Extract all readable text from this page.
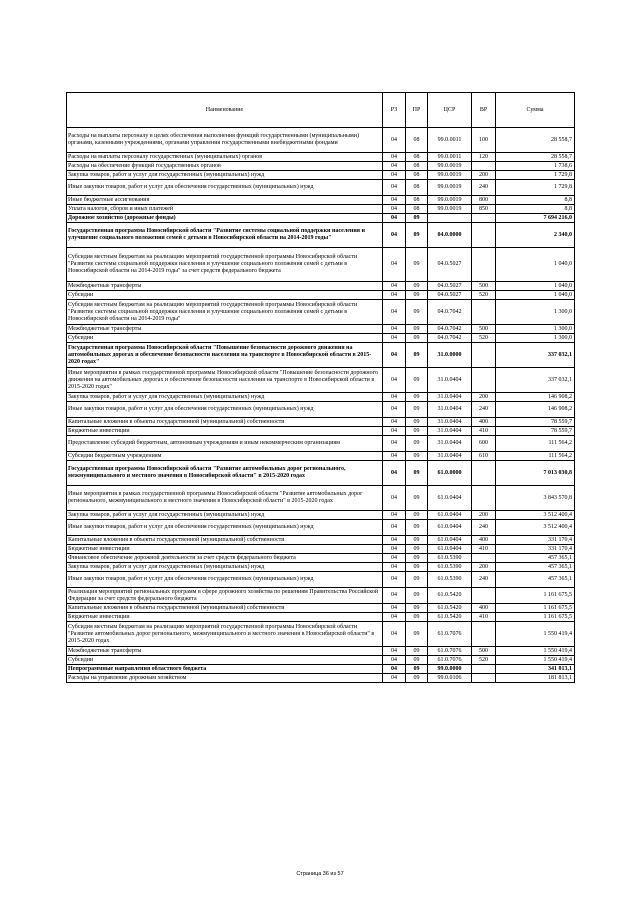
Наименование	РЗ	ПР	ЦСР	ВР	Сумма
Расходы на выплаты персоналу в целях обеспечения выполнения функций государственными (муниципальными) органами, казенными учреждениями, органами управления государственными внебюджетными фондами	04	08	99.0.0011	100	28 558,7
Расходы на выплаты персоналу государственных (муниципальных) органов	04	08	99.0.0011	120	28 558,7
Расходы на обеспечение функций государственных органов	04	08	99.0.0019		1 738,6
Закупка товаров, работ и услуг для государственных (муниципальных) нужд	04	08	99.0.0019	200	1 729,8
Иные закупки товаров, работ и услуг для обеспечения государственных (муниципальных) нужд	04	08	99.0.0019	240	1 729,8
Иные бюджетные ассигнования	04	08	99.0.0019	800	8,8
Уплата налогов, сборов и иных платежей	04	08	99.0.0019	850	8,8
Дорожное хозяйство (дорожные фонды)	04	09			7 694 216,0
Государственная программа Новосибирской области "Развитие системы социальной поддержки населения и улучшение социального положения семей с детьми в Новосибирской области на 2014-2019 годы"	04	09	04.0.0000		2 340,0
Субсидия местным бюджетам на реализацию мероприятий государственной программы Новосибирской области "Развитие системы социальной поддержки населения и улучшение социального положения семей с детьми в Новосибирской области на 2014-2019 годы" за счет средств федерального бюджета	04	09	04.0.5027		1 040,0
Межбюджетные трансферты	04	09	04.0.5027	500	1 040,0
Субсидии	04	09	04.0.5027	520	1 040,0
Субсидия местным бюджетам на реализацию мероприятий государственной программы Новосибирской области "Развитие системы социальной поддержки населения и улучшение социального положения семей с детьми в Новосибирской области на 2014-2019 годы"	04	09	04.0.7042		1 300,0
Межбюджетные трансферты	04	09	04.0.7042	500	1 300,0
Субсидии	04	09	04.0.7042	520	1 300,0
Государственная программа Новосибирской области "Повышение безопасности дорожного движения на автомобильных дорогах и обеспечение безопасности населения на транспорте в Новосибирской области в 2015-2020 годах"	04	09	31.0.0000		337 032,1
Иные мероприятия в рамках государственной программы Новосибирской области "Повышение безопасности дорожного движения на автомобильных дорогах и обеспечение безопасности населения на транспорте в Новосибирской области в 2015-2020 годах"	04	09	31.0.0404		337 032,1
Закупка товаров, работ и услуг для государственных (муниципальных) нужд	04	09	31.0.0404	200	146 908,2
Иные закупки товаров, работ и услуг для обеспечения государственных (муниципальных) нужд	04	09	31.0.0404	240	146 908,2
Капитальные вложения в объекты государственной (муниципальной) собственности	04	09	31.0.0404	400	78 559,7
Бюджетные инвестиции	04	09	31.0.0404	410	78 559,7
Предоставление субсидий бюджетным, автономным учреждениям и иным некоммерческим организациям	04	09	31.0.0404	600	111 564,2
Субсидии бюджетным учреждениям	04	09	31.0.0404	610	111 564,2
Государственная программа Новосибирской области "Развитие автомобильных дорог регионального, межмуниципального и местного значения в Новосибирской области" в 2015-2020 годах	04	09	61.0.0000		7 013 030,8
Иные мероприятия в рамках государственной программы Новосибирской области "Развитие автомобильных дорог регионального, межмуниципального и местного значения в Новосибирской области" в 2015-2020 годах	04	09	61.0.0404		3 843 570,8
Закупка товаров, работ и услуг для государственных (муниципальных) нужд	04	09	61.0.0404	200	3 512 400,4
Иные закупки товаров, работ и услуг для обеспечения государственных (муниципальных) нужд	04	09	61.0.0404	240	3 512 400,4
Капитальные вложения в объекты государственной (муниципальной) собственности	04	09	61.0.0404	400	331 170,4
Бюджетные инвестиции	04	09	61.0.0404	410	331 170,4
Финансовое обеспечение дорожной деятельности за счет средств федерального бюджета	04	09	61.0.5390		457 365,1
Закупка товаров, работ и услуг для государственных (муниципальных) нужд	04	09	61.0.5390	200	457 365,1
Иные закупки товаров, работ и услуг для обеспечения государственных (муниципальных) нужд	04	09	61.0.5390	240	457 365,1
Реализация мероприятий региональных программ в сфере дорожного хозяйства по решениям Правительства Российской Федерации за счет средств федерального бюджета	04	09	61.0.5420		1 161 675,5
Капитальные вложения в объекты государственной (муниципальной) собственности	04	09	61.0.5420	400	1 161 675,5
Бюджетные инвестиции	04	09	61.0.5420	410	1 161 675,5
Субсидия местным бюджетам на реализацию мероприятий государственной программы Новосибирской области "Развитие автомобильных дорог регионального, межмуниципального и местного значения в Новосибирской области" в 2015-2020 годах	04	09	61.0.7076		1 550 419,4
Межбюджетные трансферты	04	09	61.0.7076	500	1 550 419,4
Субсидии	04	09	61.0.7076	520	1 550 419,4
Непрограммные направления областного бюджета	04	09	99.0.0000		341 813,1
Расходы на управление дорожным хозяйством	04	09	99.0.0106		181 813,1
Страница 36 из 57
